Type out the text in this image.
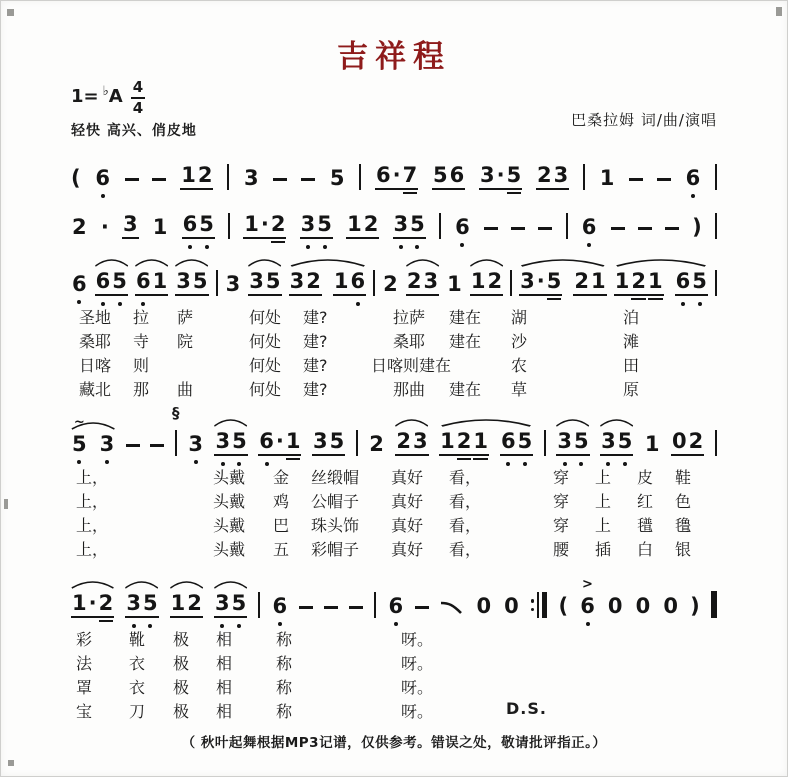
吉祥程
1= ♭ A $\frac{4}{4}$
轻快 高兴、俏皮地
巴桑拉姆 词/曲/演唱
( 6	1 2 3	5 6 · 7 5 6 3 · 5 2 3 1	6
2 · 3 1 6 5 1 · 2 3 5 1 2 3 5 6	6	)
6 6 5 6 1 3 5 3 3 5 3 2 1 6 2 2 3 1 1 2 3 · 5 2 1 1 2 1 6 5
圣地 拉 萨	何处 建?	拉萨 建在 湖	泊
桑耶 寺 院	何处 建?	桑耶 建在 沙	滩
日喀 则	何处 建?	日喀则建在	农	田
藏北 那 曲	何处 建?	那曲 建在 草	原
~
5 3
§
3 3 5 6 · 1 3 5 2 2 3 1 2 1 6 5 3 5 3 5 1 0 2
上，	头戴 金 丝缎帽 真好 看，	穿 上 皮 鞋
上，	头戴 鸡 公帽子 真好 看，	穿 上 红 色
上，	头戴 巴 珠头饰 真好 看，	穿 上 氆 氇
上，	头戴 五 彩帽子 真好 看，	腰 插 白 银
1 · 2 3 5 1 2 3 5 6	6	0 0 (
>
6 0 0 0 )
彩 靴 极 相	称	呀。
法 衣 极 相	称	呀。
罩 衣 极 相	称	呀。
宝 刀 极 相	称	呀。	D.S.
（ 秋叶起舞根据MP3记谱，仅供参考。错误之处，敬请批评指正。）
